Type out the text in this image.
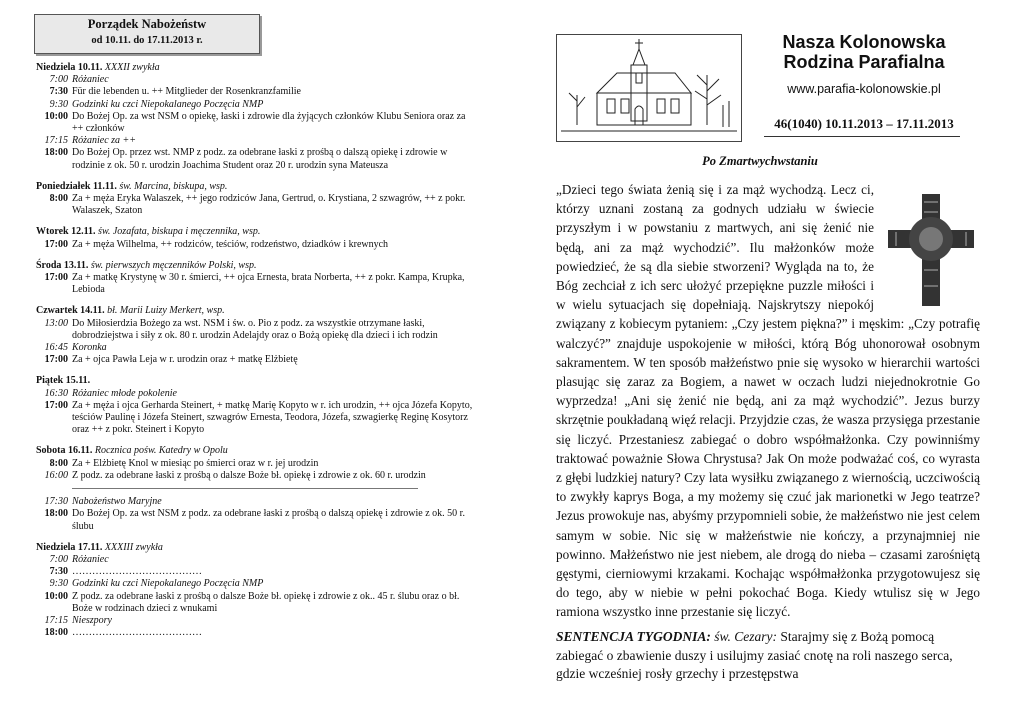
Porządek Nabożeństw
od 10.11. do 17.11.2013 r.
Niedziela 10.11. XXXII zwykła
7:00 Różaniec
7:30 Für die lebenden u. ++ Mitglieder der Rosenkranzfamilie
9:30 Godzinki ku czci Niepokalanego Poczęcia NMP
10:00 Do Bożej Op. za wst NSM o opiekę, łaski i zdrowie dla żyjących członków Klubu Seniora oraz za ++ członków
17:15 Różaniec za ++
18:00 Do Bożej Op. przez wst. NMP z podz. za odebrane łaski z prośbą o dalszą opiekę i zdrowie w rodzinie z ok. 50 r. urodzin Joachima Student oraz 20 r. urodzin syna Mateusza
Poniedziałek 11.11. św. Marcina, biskupa, wsp.
8:00 Za + męża Eryka Walaszek, ++ jego rodziców Jana, Gertrud, o. Krystiana, 2 szwagrów, ++ z pokr. Walaszek, Szaton
Wtorek 12.11. św. Jozafata, biskupa i męczennika, wsp.
17:00 Za + męża Wilhelma, ++ rodziców, teściów, rodzeństwo, dziadków i krewnych
Środa 13.11. św. pierwszych męczenników Polski, wsp.
17:00 Za + matkę Krystynę w 30 r. śmierci, ++ ojca Ernesta, brata Norberta, ++ z pokr. Kampa, Krupka, Lebioda
Czwartek 14.11. bł. Marii Luizy Merkert, wsp.
13:00 Do Miłosierdzia Bożego za wst. NSM i św. o. Pio z podz. za wszystkie otrzymane łaski, dobrodziejstwa i siły z ok. 80 r. urodzin Adelajdy oraz o Bożą opiekę dla dzieci i ich rodzin
16:45 Koronka
17:00 Za + ojca Pawła Leja w r. urodzin oraz + matkę Elżbietę
Piątek 15.11.
16:30 Różaniec młode pokolenie
17:00 Za + męża i ojca Gerharda Steinert, + matkę Marię Kopyto w r. ich urodzin, ++ ojca Józefa Kopyto, teściów Paulinę i Józefa Steinert, szwagrów Ernesta, Teodora, Józefa, szwagierkę Reginę Kosytorz oraz ++ z pokr. Steinert i Kopyto
Sobota 16.11. Rocznica pośw. Katedry w Opolu
8:00 Za + Elżbietę Knol w miesiąc po śmierci oraz w r. jej urodzin
16:00 Z podz. za odebrane łaski z prośbą o dalsze Boże bł. opiekę i zdrowie z ok. 60 r. urodzin
17:30 Nabożeństwo Maryjne
18:00 Do Bożej Op. za wst NSM z podz. za odebrane łaski z prośbą o dalszą opiekę i zdrowie z ok. 50 r. ślubu
Niedziela 17.11. XXXIII zwykła
7:00 Różaniec
7:30 …………………………………
9:30 Godzinki ku czci Niepokalanego Poczęcia NMP
10:00 Z podz. za odebrane łaski z prośbą o dalsze Boże bł. opiekę i zdrowie z ok.. 45 r. ślubu oraz o bł. Boże w rodzinach dzieci z wnukami
17:15 Nieszpory
18:00 …………………………………
Nasza Kolonowska
Rodzina Parafialna
www.parafia-kolonowskie.pl
46(1040) 10.11.2013 – 17.11.2013
Po Zmartwychwstaniu
„Dzieci tego świata żenią się i za mąż wychodzą. Lecz ci, którzy uznani zostaną za godnych udziału w świecie przyszłym i w powstaniu z martwych, ani się żenić nie będą, ani za mąż wychodzić”. Ilu małżonków może powiedzieć, że są dla siebie stworzeni? Wygląda na to, że Bóg zechciał z ich serc ułożyć przepiękne puzzle miłości i w wielu sytuacjach się dopełniają. Najskrytszy niepokój związany z kobiecym pytaniem: „Czy jestem piękna?” i męskim: „Czy potrafię walczyć?” znajduje uspokojenie w miłości, którą Bóg uhonorował osobnym sakramentem. W ten sposób małżeństwo pnie się wysoko w hierarchii wartości plasując się zaraz za Bogiem, a nawet w oczach ludzi niejednokrotnie Go wyprzedza! „Ani się żenić nie będą, ani za mąż wychodzić”. Jezus burzy skrzętnie poukładaną więź relacji. Przyjdzie czas, że wasza przysięga przestanie się liczyć. Przestaniesz zabiegać o dobro współmałżonka. Czy powinniśmy traktować poważnie Słowa Chrystusa? Jak On może podważać coś, co wyrasta z głębi ludzkiej natury? Czy lata wysiłku związanego z wiernością, uczciwością to zwykły kaprys Boga, a my możemy się czuć jak marionetki w Jego teatrze? Jezus prowokuje nas, abyśmy przypomnieli sobie, że małżeństwo nie jest celem samym w sobie. Nic się w małżeństwie nie kończy, a przynajmniej nie powinno. Małżeństwo nie jest niebem, ale drogą do nieba – czasami zarośniętą gęstymi, cierniowymi krzakami. Kochając współmałżonka przygotowujesz się do tego, aby w niebie w pełni pokochać Boga. Kiedy wtulisz się w Jego ramiona wszystko inne przestanie się liczyć.
SENTENCJA TYGODNIA: św. Cezary: Starajmy się z Bożą pomocą zabiegać o zbawienie duszy i usilujmy zasiać cnotę na roli naszego serca, gdzie wcześniej rosły grzechy i przestępstwa
